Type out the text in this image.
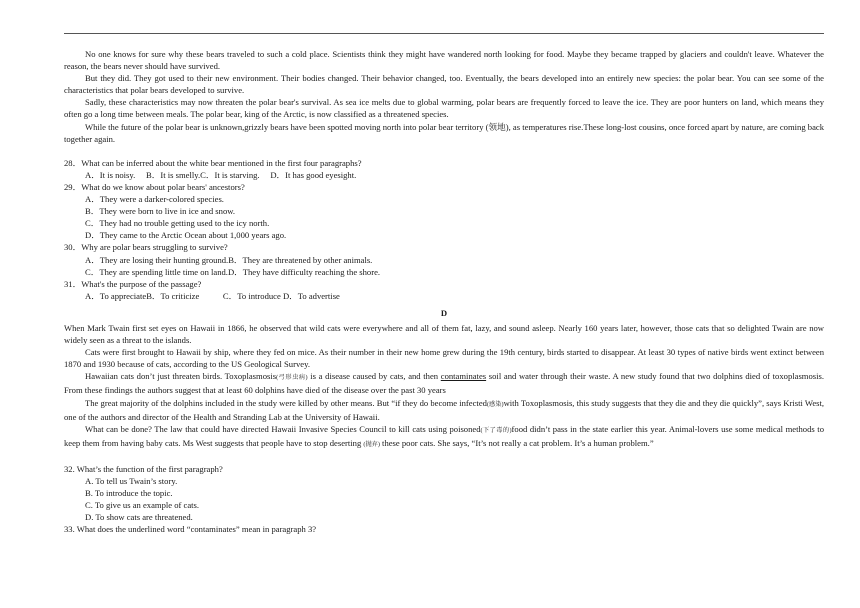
No one knows for sure why these bears traveled to such a cold place. Scientists think they might have wandered north looking for food. Maybe they became trapped by glaciers and couldn't leave. Whatever the reason, the bears never should have survived.

But they did. They got used to their new environment. Their bodies changed. Their behavior changed, too. Eventually, the bears developed into an entirely new species: the polar bear. You can see some of the characteristics that polar bears developed to survive.

Sadly, these characteristics may now threaten the polar bear's survival. As sea ice melts due to global warming, polar bears are frequently forced to leave the ice. They are poor hunters on land, which means they often go a long time between meals. The polar bear, king of the Arctic, is now classified as a threatened species.

While the future of the polar bear is unknown,grizzly bears have been spotted moving north into polar bear territory (领地), as temperatures rise.These long-lost cousins, once forced apart by nature, are coming back together again.

28．What can be inferred about the white bear mentioned in the first four paragraphs?

A．It is noisy.     B．It is smelly.C．It is starving.     D．It has good eyesight.

29．What do we know about polar bears' ancestors?

A．They were a darker-colored species.

B．They were born to live in ice and snow.

C．They had no trouble getting used to the icy north.

D．They came to the Arctic Ocean about 1,000 years ago.

30．Why are polar bears struggling to survive?

A．They are losing their hunting ground.B．They are threatened by other animals.

C．They are spending little time on land.D．They have difficulty reaching the shore.

31．What's the purpose of the passage?

A．To appreciateB．To criticize           C．To introduce D．To advertise

D

When Mark Twain first set eyes on Hawaii in 1866, he observed that wild cats were everywhere and all of them fat, lazy, and sound asleep. Nearly 160 years later, however, those cats that so delighted Twain are now widely seen as a threat to the islands.

Cats were first brought to Hawaii by ship, where they fed on mice. As their number in their new home grew during the 19th century, birds started to disappear. At least 30 types of native birds went extinct between 1870 and 1930 because of cats, according to the US Geological Survey.

Hawaiian cats don’t just threaten birds. Toxoplasmosis(弓形虫病) is a disease caused by cats, and then contaminates soil and water through their waste. A new study found that two dolphins died of toxoplasmosis. From these findings the authors suggest that at least 60 dolphins have died of the disease over the past 30 years

The great majority of the dolphins included in the study were killed by other means. But “if they do become infected(感染)with Toxoplasmosis, this study suggests that they die and they die quickly”, says Kristi West, one of the authors and director of the Health and Stranding Lab at the University of Hawaii.

What can be done? The law that could have directed Hawaii Invasive Species Council to kill cats using poisoned(下了毒的)food didn’t pass in the state earlier this year. Animal-lovers use some medical methods to keep them from having baby cats. Ms West suggests that people have to stop deserting (抛弃) these poor cats. She says, “It’s not really a cat problem. It’s a human problem.”

32. What’s the function of the first paragraph?

A. To tell us Twain’s story.

B. To introduce the topic.

C. To give us an example of cats.

D. To show cats are threatened.

33. What does the underlined word “contaminates” mean in paragraph 3?
